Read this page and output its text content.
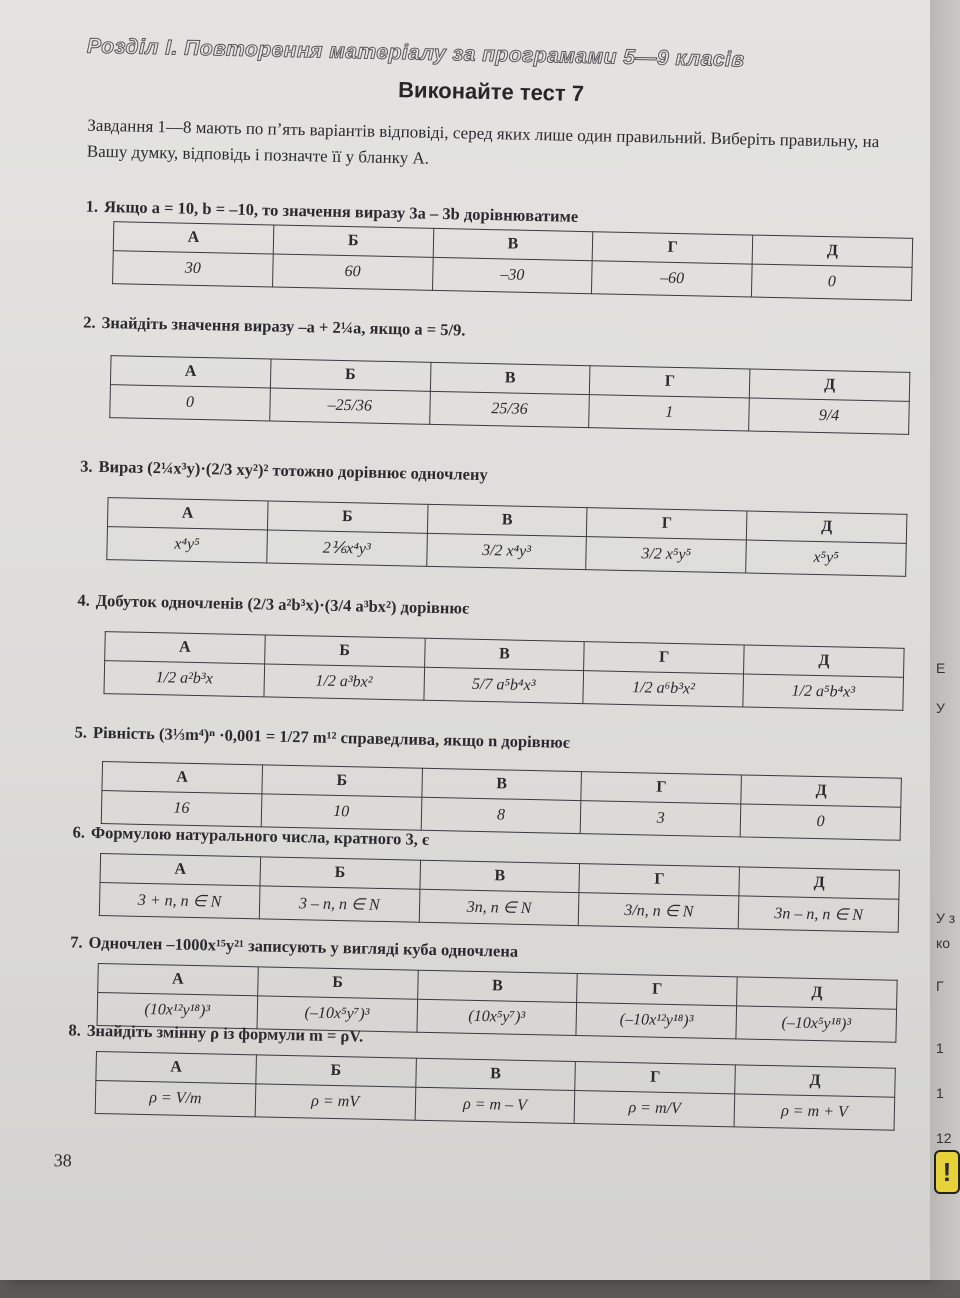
Розділ І. Повторення матеріалу за програмами 5—9 класів
Виконайте тест 7
Завдання 1—8 мають по п’ять варіантів відповіді, серед яких лише один правильний. Виберіть правильну, на Вашу думку, відповідь і позначте її у бланку А.
1. Якщо a = 10, b = –10, то значення виразу 3a – 3b дорівнюватиме
А	Б	В	Г	Д
30	60	–30	–60	0
2. Знайдіть значення виразу –a + 2¼a, якщо a = 5/9.
А	Б	В	Г	Д
0	–25/36	25/36	1	9/4
3. Вираз (2¼x³y)·(2/3 xy²)² тотожно дорівнює одночлену
А	Б	В	Г	Д
x⁴y⁵	2⅙x⁴y³	3/2 x⁴y³	3/2 x⁵y⁵	x⁵y⁵
4. Добуток одночленів (2/3 a²b³x)·(3/4 a³bx²) дорівнює
А	Б	В	Г	Д
1/2 a²b³x	1/2 a³bx²	5/7 a⁵b⁴x³	1/2 a⁶b³x²	1/2 a⁵b⁴x³
5. Рівність (3⅓m⁴)ⁿ ·0,001 = 1/27 m¹² справедлива, якщо n дорівнює
А	Б	В	Г	Д
16	10	8	3	0
6. Формулою натурального числа, кратного 3, є
А	Б	В	Г	Д
3 + n, n ∈ N	3 – n, n ∈ N	3n, n ∈ N	3/n, n ∈ N	3n – n, n ∈ N
7. Одночлен –1000x¹⁵y²¹ записують у вигляді куба одночлена
А	Б	В	Г	Д
(10x¹²y¹⁸)³	(–10x⁵y⁷)³	(10x⁵y⁷)³	(–10x¹²y¹⁸)³	(–10x⁵y¹⁸)³
8. Знайдіть змінну ρ із формули m = ρV.
А	Б	В	Г	Д
ρ = V/m	ρ = mV	ρ = m – V	ρ = m/V	ρ = m + V
38
Е
У
У з
ко
Г
1
1
12
!
